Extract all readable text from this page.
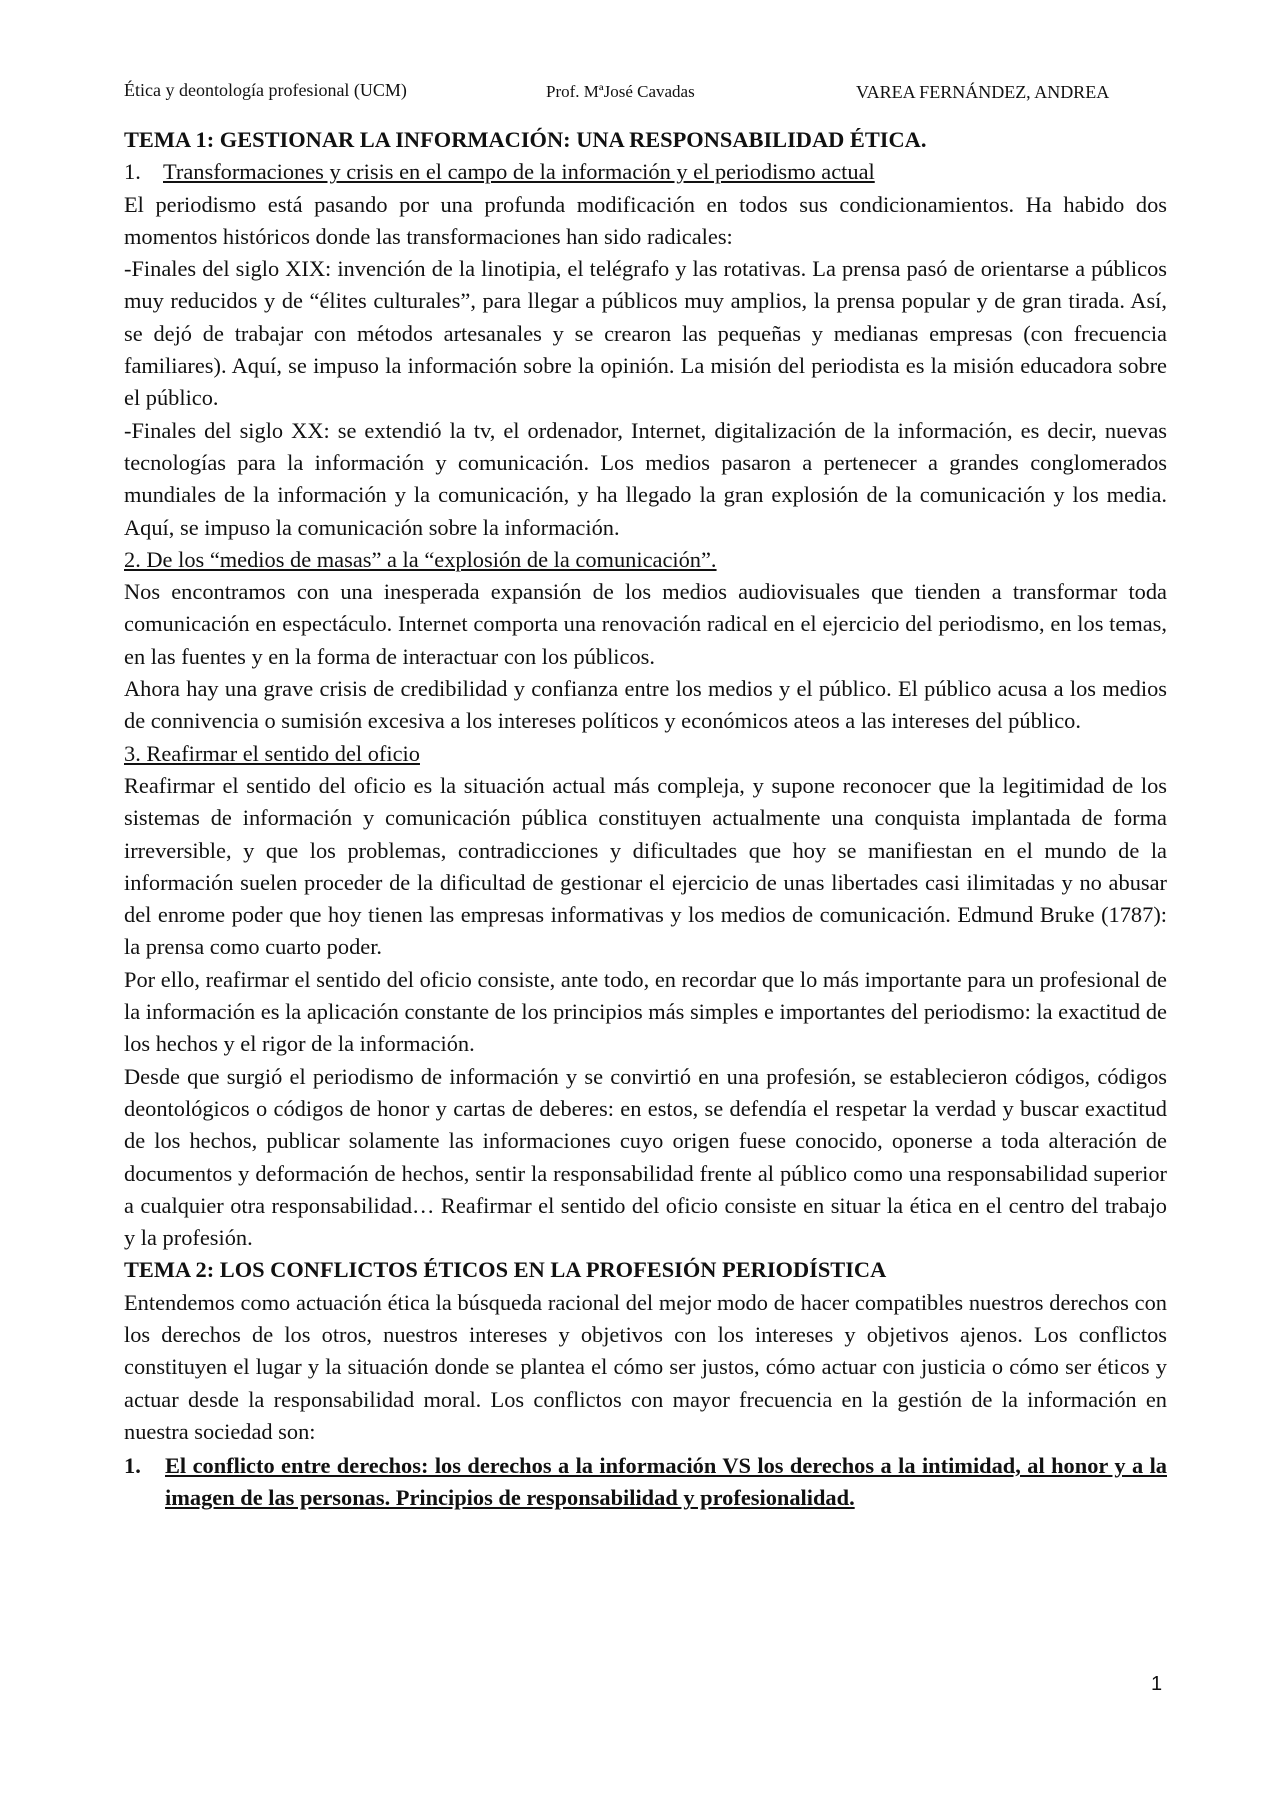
Ética y deontología profesional (UCM)	Prof. MªJosé Cavadas	VAREA FERNÁNDEZ, ANDREA

TEMA 1: GESTIONAR LA INFORMACIÓN: UNA RESPONSABILIDAD ÉTICA.

1. Transformaciones y crisis en el campo de la información y el periodismo actual

El periodismo está pasando por una profunda modificación en todos sus condicionamientos. Ha habido dos momentos históricos donde las transformaciones han sido radicales:

-Finales del siglo XIX: invención de la linotipia, el telégrafo y las rotativas. La prensa pasó de orientarse a públicos muy reducidos y de “élites culturales”, para llegar a públicos muy amplios, la prensa popular y de gran tirada. Así, se dejó de trabajar con métodos artesanales y se crearon las pequeñas y medianas empresas (con frecuencia familiares). Aquí, se impuso la información sobre la opinión. La misión del periodista es la misión educadora sobre el público.

-Finales del siglo XX: se extendió la tv, el ordenador, Internet, digitalización de la información, es decir, nuevas tecnologías para la información y comunicación. Los medios pasaron a pertenecer a grandes conglomerados mundiales de la información y la comunicación, y ha llegado la gran explosión de la comunicación y los media. Aquí, se impuso la comunicación sobre la información.

2. De los “medios de masas” a la “explosión de la comunicación”.

Nos encontramos con una inesperada expansión de los medios audiovisuales que tienden a transformar toda comunicación en espectáculo. Internet comporta una renovación radical en el ejercicio del periodismo, en los temas, en las fuentes y en la forma de interactuar con los públicos.

Ahora hay una grave crisis de credibilidad y confianza entre los medios y el público. El público acusa a los medios de connivencia o sumisión excesiva a los intereses políticos y económicos ateos a las intereses del público.

3. Reafirmar el sentido del oficio

Reafirmar el sentido del oficio es la situación actual más compleja, y supone reconocer que la legitimidad de los sistemas de información y comunicación pública constituyen actualmente una conquista implantada de forma irreversible, y que los problemas, contradicciones y dificultades que hoy se manifiestan en el mundo de la información suelen proceder de la dificultad de gestionar el ejercicio de unas libertades casi ilimitadas y no abusar del enrome poder que hoy tienen las empresas informativas y los medios de comunicación. Edmund Bruke (1787): la prensa como cuarto poder.

Por ello, reafirmar el sentido del oficio consiste, ante todo, en recordar que lo más importante para un profesional de la información es la aplicación constante de los principios más simples e importantes del periodismo: la exactitud de los hechos y el rigor de la información.

Desde que surgió el periodismo de información y se convirtió en una profesión, se establecieron códigos, códigos deontológicos o códigos de honor y cartas de deberes: en estos, se defendía el respetar la verdad y buscar exactitud de los hechos, publicar solamente las informaciones cuyo origen fuese conocido, oponerse a toda alteración de documentos y deformación de hechos, sentir la responsabilidad frente al público como una responsabilidad superior a cualquier otra responsabilidad… Reafirmar el sentido del oficio consiste en situar la ética en el centro del trabajo y la profesión.

TEMA 2: LOS CONFLICTOS ÉTICOS EN LA PROFESIÓN PERIODÍSTICA

Entendemos como actuación ética la búsqueda racional del mejor modo de hacer compatibles nuestros derechos con los derechos de los otros, nuestros intereses y objetivos con los intereses y objetivos ajenos. Los conflictos constituyen el lugar y la situación donde se plantea el cómo ser justos, cómo actuar con justicia o cómo ser éticos y actuar desde la responsabilidad moral. Los conflictos con mayor frecuencia en la gestión de la información en nuestra sociedad son:

1.	El conflicto entre derechos: los derechos a la información VS los derechos a la intimidad, al honor y a la imagen de las personas. Principios de responsabilidad y profesionalidad.

1
